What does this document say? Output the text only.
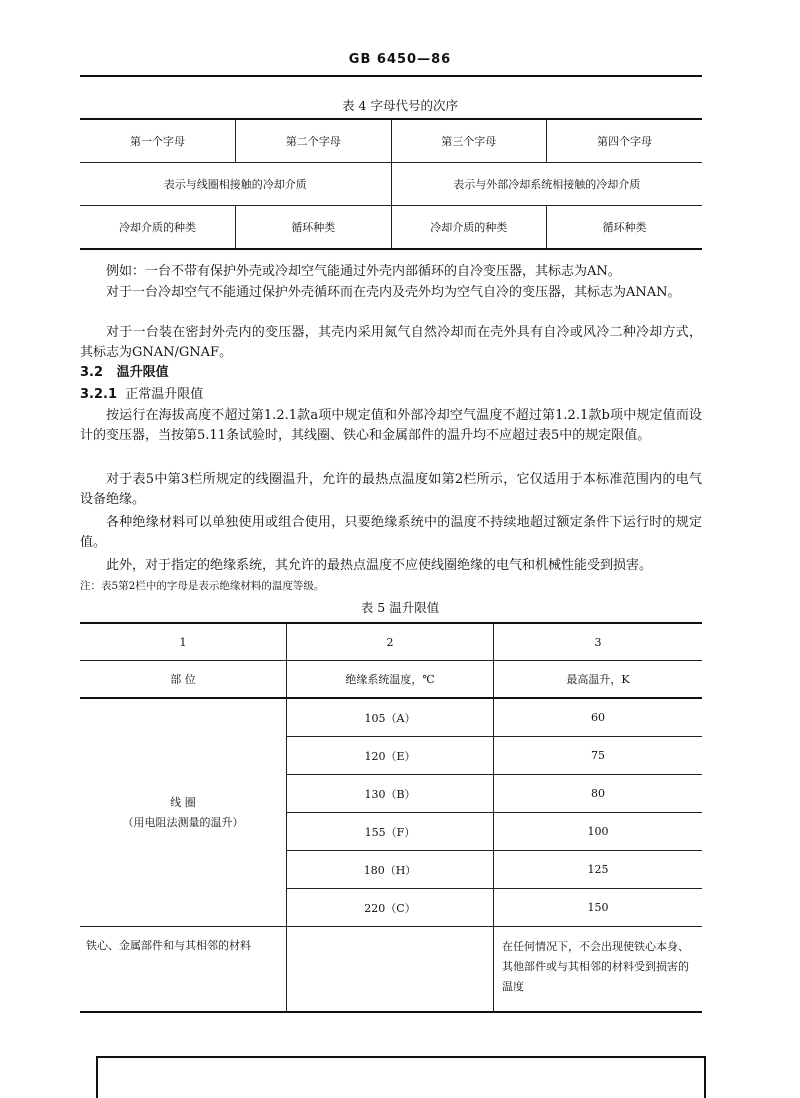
GB 6450—86
表 4 字母代号的次序
第一个字母	第二个字母	第三个字母	第四个字母
表示与线圈相接触的冷却介质		表示与外部冷却系统相接触的冷却介质	
冷却介质的种类	循环种类	冷却介质的种类	循环种类
例如：一台不带有保护外壳或冷却空气能通过外壳内部循环的自冷变压器，其标志为AN。
对于一台冷却空气不能通过保护外壳循环而在壳内及壳外均为空气自冷的变压器，其标志为ANAN。
对于一台装在密封外壳内的变压器，其壳内采用氮气自然冷却而在壳外具有自冷或风冷二种冷却方式，其标志为GNAN/GNAF。
3.2 温升限值
3.2.1 正常温升限值
按运行在海拔高度不超过第1.2.1款a项中规定值和外部冷却空气温度不超过第1.2.1款b项中规定值而设计的变压器，当按第5.11条试验时，其线圈、铁心和金属部件的温升均不应超过表5中的规定限值。
对于表5中第3栏所规定的线圈温升，允许的最热点温度如第2栏所示，它仅适用于本标准范围内的电气设备绝缘。
各种绝缘材料可以单独使用或组合使用，只要绝缘系统中的温度不持续地超过额定条件下运行时的规定值。
此外，对于指定的绝缘系统，其允许的最热点温度不应使线圈绝缘的电气和机械性能受到损害。
注：表5第2栏中的字母是表示绝缘材料的温度等级。
表 5 温升限值
1	2	3
部 位	绝缘系统温度，℃	最高温升，K

线 圈
（用电阻法测量的温升）	105（A）	60
	120（E）	75
	130（B）	80
	155（F）	100
	180（H）	125
	220（C）	150
铁心、金属部件和与其相邻的材料		在任何情况下，不会出现使铁心本身、其他部件或与其相邻的材料受到损害的温度
